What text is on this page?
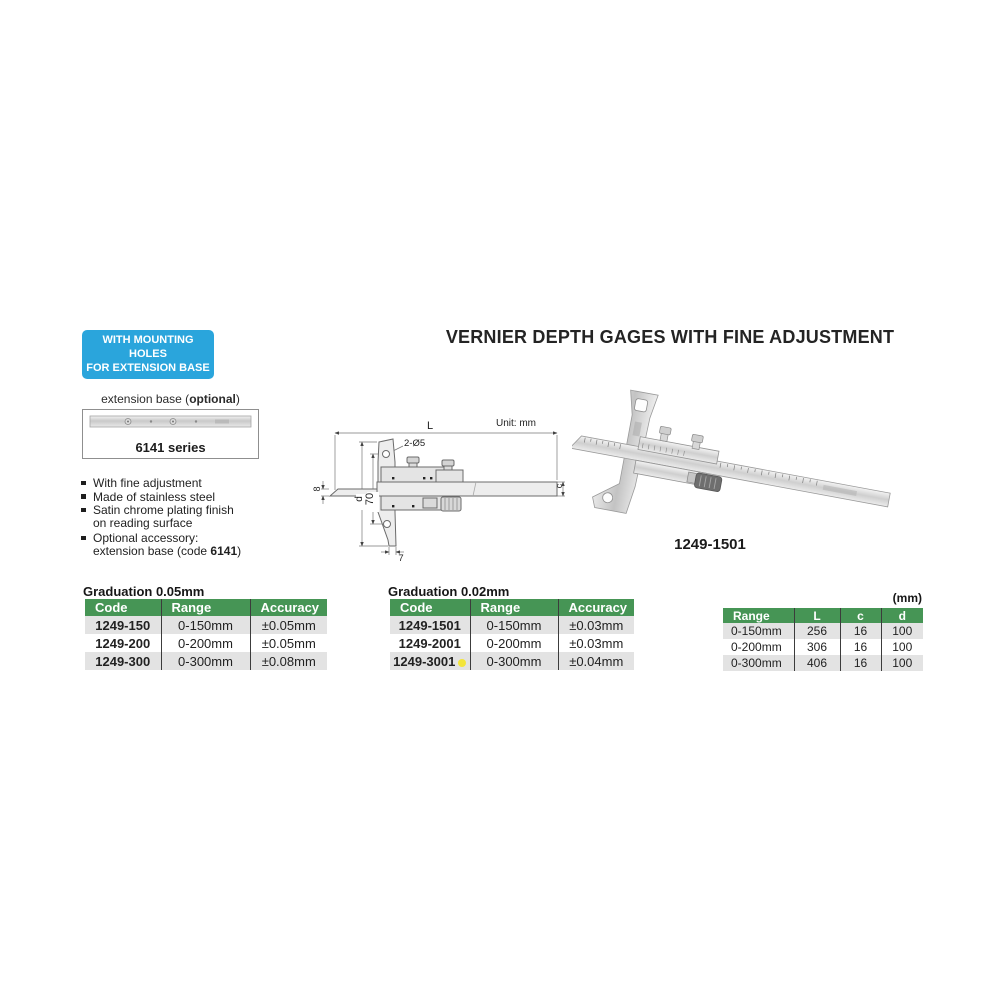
WITH MOUNTING HOLES
FOR EXTENSION BASE
VERNIER DEPTH GAGES WITH FINE ADJUSTMENT
extension base (optional)
6141 series
With fine adjustment
Made of stainless steel
Satin chrome plating finish
on reading surface
Optional accessory:
extension base (code 6141)
Unit: mm
L
2-Ø5
70
d
8
7
c
1249-1501
Graduation 0.05mm
Code	Range	Accuracy
1249-150	0-150mm	±0.05mm
1249-200	0-200mm	±0.05mm
1249-300	0-300mm	±0.08mm
Graduation 0.02mm
Code	Range	Accuracy
1249-1501	0-150mm	±0.03mm
1249-2001	0-200mm	±0.03mm
1249-3001	0-300mm	±0.04mm
(mm)
Range	L	c	d
0-150mm	256	16	100
0-200mm	306	16	100
0-300mm	406	16	100
